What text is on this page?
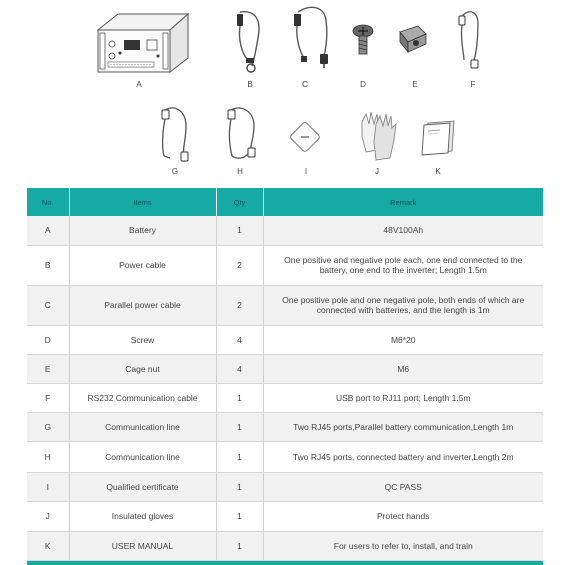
A	B	C	D	E	F
G	H	I	J	K
No.	Items	Qty	Remark
A	Battery	1	48V100Ah
B	Power cable	2	One positive and negative pole each, one end connected to the battery, one end to the inverter; Length 1.5m
C	Parallel power cable	2	One positive pole and one negative pole, both ends of which are connected with batteries, and the length is 1m
D	Screw	4	M6*20
E	Cage nut	4	M6
F	RS232 Communication cable	1	USB port to RJ11 port; Length 1.5m
G	Communication line	1	Two RJ45 ports,Parallel battery communication,Length 1m
H	Communication line	1	Two RJ45 ports, connected battery and inverter,Length 2m
I	Qualified certificate	1	QC PASS
J	Insulated gloves	1	Protect hands
K	USER MANUAL	1	For users to refer to, install, and train
